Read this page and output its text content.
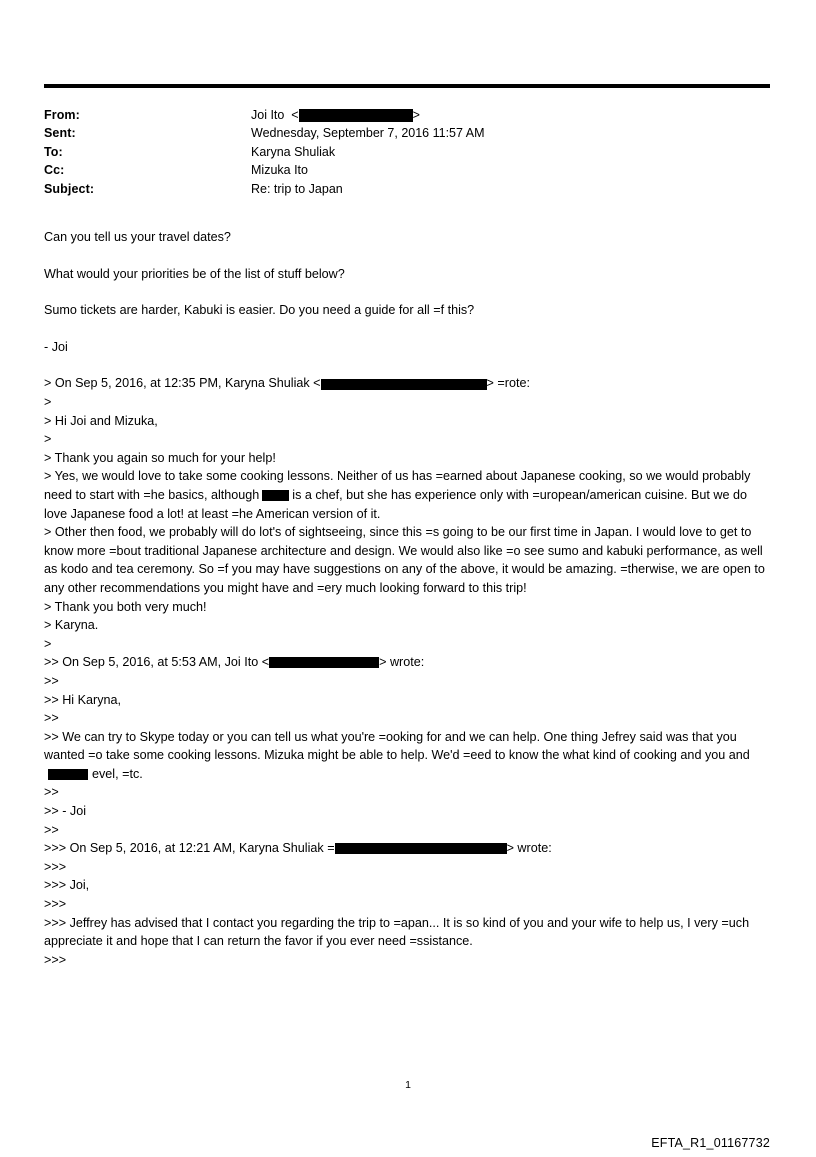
From:	Joi Ito  <	>
Sent:	Wednesday, September 7, 2016 11:57 AM
To:	Karyna Shuliak
Cc:	Mizuka Ito
Subject:	Re: trip to Japan

Can you tell us your travel dates?

What would your priorities be of the list of stuff below?

Sumo tickets are harder, Kabuki is easier. Do you need a guide for all =f this?

- Joi

> On Sep 5, 2016, at 12:35 PM, Karyna Shuliak <	> =rote:

>

> Hi Joi and Mizuka,

>

> Thank you again so much for your help!

> Yes, we would love to take some cooking lessons. Neither of us has =earned about Japanese cooking, so we would probably need to start with =he basics, although	is a chef, but she has experience only with =uropean/american cuisine. But we do love Japanese food a lot! at least =he American version of it.

> Other then food, we probably will do lot's of sightseeing, since this =s going to be our first time in Japan. I would love to get to know more =bout traditional Japanese architecture and design. We would also like =o see sumo and kabuki performance, as well as kodo and tea ceremony. So =f you may have suggestions on any of the above, it would be amazing. =therwise, we are open to any other recommendations you might have and =ery much looking forward to this trip!

> Thank you both very much!

> Karyna.

>

>> On Sep 5, 2016, at 5:53 AM, Joi Ito <	> wrote:

>>

>> Hi Karyna,

>>

>> We can try to Skype today or you can tell us what you're =ooking for and we can help. One thing Jefrey said was that you wanted =o take some cooking lessons. Mizuka might be able to help. We'd =eed to know the what kind of cooking and you andevel, =tc.

>>

>> - Joi

>>

>>> On Sep 5, 2016, at 12:21 AM, Karyna Shuliak =	> wrote:

>>>

>>> Joi,

>>>

>>> Jeffrey has advised that I contact you regarding the trip to =apan... It is so kind of you and your wife to help us, I very =uch appreciate it and hope that I can return the favor if you ever need =ssistance.

>>>

1
EFTA_R1_01167732
